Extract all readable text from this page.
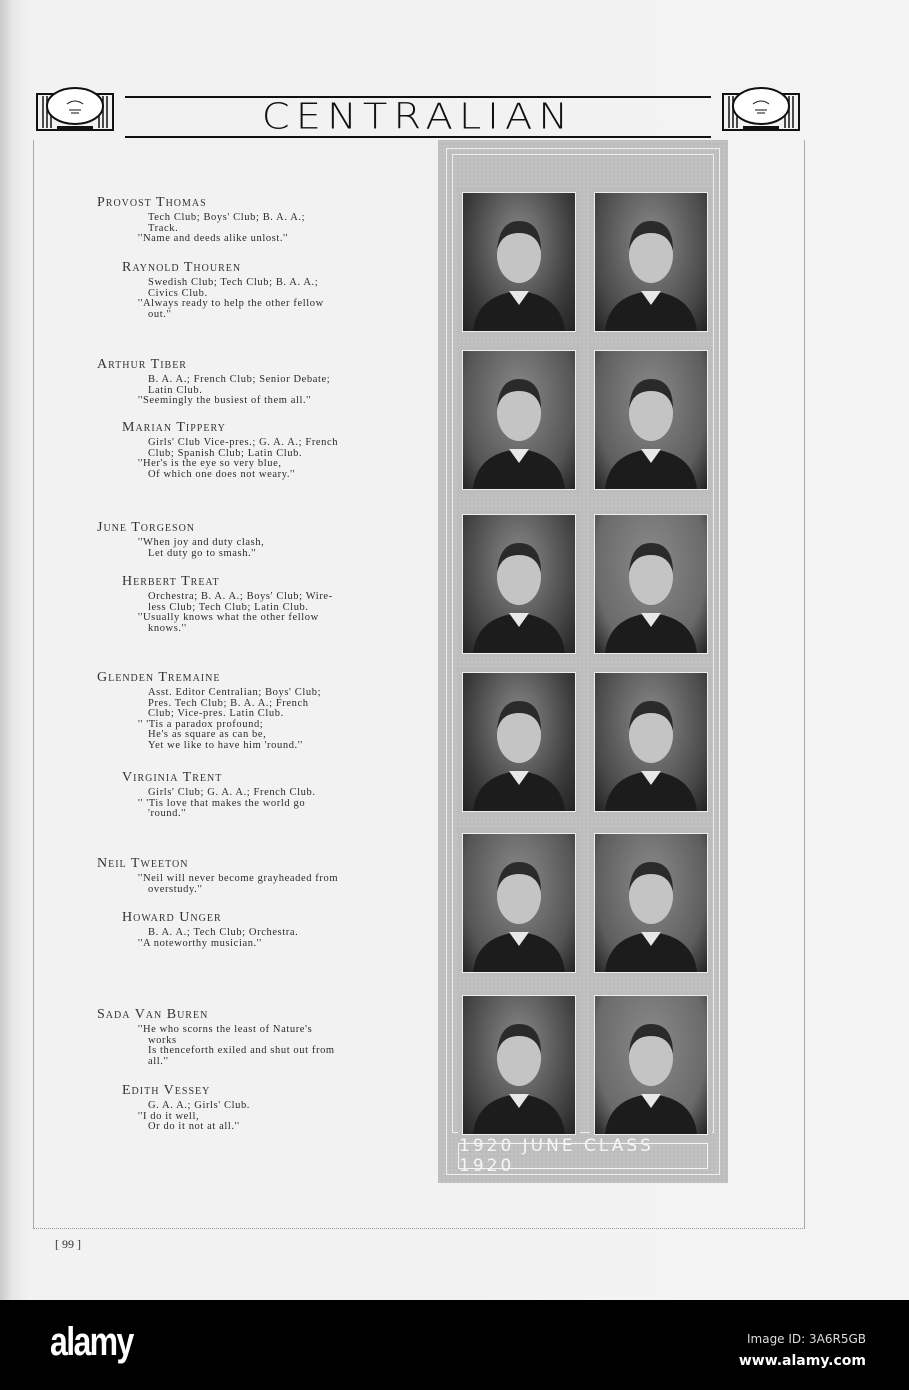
CENTRALIAN
Provost Thomas
Tech Club; Boys' Club; B. A. A.;
Track.
''Name and deeds alike unlost.''
Raynold Thouren
Swedish Club; Tech Club; B. A. A.;
Civics Club.
''Always ready to help the other fellow
out.''
Arthur Tiber
B. A. A.; French Club; Senior Debate;
Latin Club.
''Seemingly the busiest of them all.''
Marian Tippery
Girls' Club Vice-pres.; G. A. A.; French
Club; Spanish Club; Latin Club.
''Her's is the eye so very blue,
Of which one does not weary.''
June Torgeson
''When joy and duty clash,
Let duty go to smash.''
Herbert Treat
Orchestra; B. A. A.; Boys' Club; Wire-
less Club; Tech Club; Latin Club.
''Usually knows what the other fellow
knows.''
Glenden Tremaine
Asst. Editor Centralian; Boys' Club;
Pres. Tech Club; B. A. A.; French
Club; Vice-pres. Latin Club.
'' 'Tis a paradox profound;
He's as square as can be,
Yet we like to have him 'round.''
Virginia Trent
Girls' Club; G. A. A.; French Club.
'' 'Tis love that makes the world go
'round.''
Neil Tweeton
''Neil will never become grayheaded from
overstudy.''
Howard Unger
B. A. A.; Tech Club; Orchestra.
''A noteworthy musician.''
Sada Van Buren
''He who scorns the least of Nature's
works
Is thenceforth exiled and shut out from
all.''
Edith Vessey
G. A. A.; Girls' Club.
''I do it well,
Or do it not at all.''
1920 JUNE CLASS 1920
[ 99 ]
alamy	Image ID: 3A6R5GB
www.alamy.com
